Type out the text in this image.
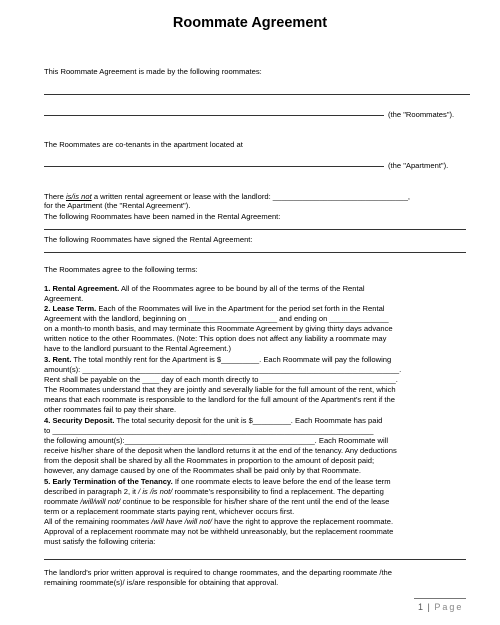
Roommate Agreement
This Roommate Agreement is made by the following roommates:
(the "Roommates").
The Roommates are co-tenants in the apartment located at
(the "Apartment").
There is/is not a written rental agreement or lease with the landlord: ________________________________,
for the Apartment (the "Rental Agreement").
The following Roommates have been named in the Rental Agreement:
The following Roommates have signed the Rental Agreement:
The Roommates agree to the following terms:
1. Rental Agreement. All of the Roommates agree to be bound by all of the terms of the Rental
Agreement.
2. Lease Term. Each of the Roommates will live in the Apartment for the period set forth in the Rental
Agreement with the landlord, beginning on _____________________ and ending on ______________
on a month-to month basis, and may terminate this Roommate Agreement by giving thirty days advance
written notice to the other Roommates. (Note: This option does not affect any liability a roommate may
have to the landlord pursuant to the Rental Agreement.)
3. Rent. The total monthly rent for the Apartment is $_________. Each Roommate will pay the following
amount(s): ___________________________________________________________________________.
Rent shall be payable on the ____ day of each month directly to ________________________________.
The Roommates understand that they are jointly and severally liable for the full amount of the rent, which
means that each roommate is responsible to the landlord for the full amount of the Apartment's rent if the
other roommates fail to pay their share.
4. Security Deposit. The total security deposit for the unit is $_________. Each Roommate has paid
to ____________________________________________________________________________
the following amount(s):_____________________________________________. Each Roommate will
receive his/her share of the deposit when the landlord returns it at the end of the tenancy. Any deductions
from the deposit shall be shared by all the Roommates in proportion to the amount of deposit paid;
however, any damage caused by one of the Roommates shall be paid only by that Roommate.
5. Early Termination of the Tenancy. If one roommate elects to leave before the end of the lease term
described in paragraph 2, it / is /is not/ roommate's responsibility to find a replacement. The departing
roommate /will/will not/ continue to be responsible for his/her share of the rent until the end of the lease
term or a replacement roommate starts paying rent, whichever occurs first.
All of the remaining roommates /will have /will not/ have the right to approve the replacement roommate.
Approval of a replacement roommate may not be withheld unreasonably, but the replacement roommate
must satisfy the following criteria:
The landlord's prior written approval is required to change roommates, and the departing roommate /the
remaining roommate(s)/ is/are responsible for obtaining that approval.
1 | Page
